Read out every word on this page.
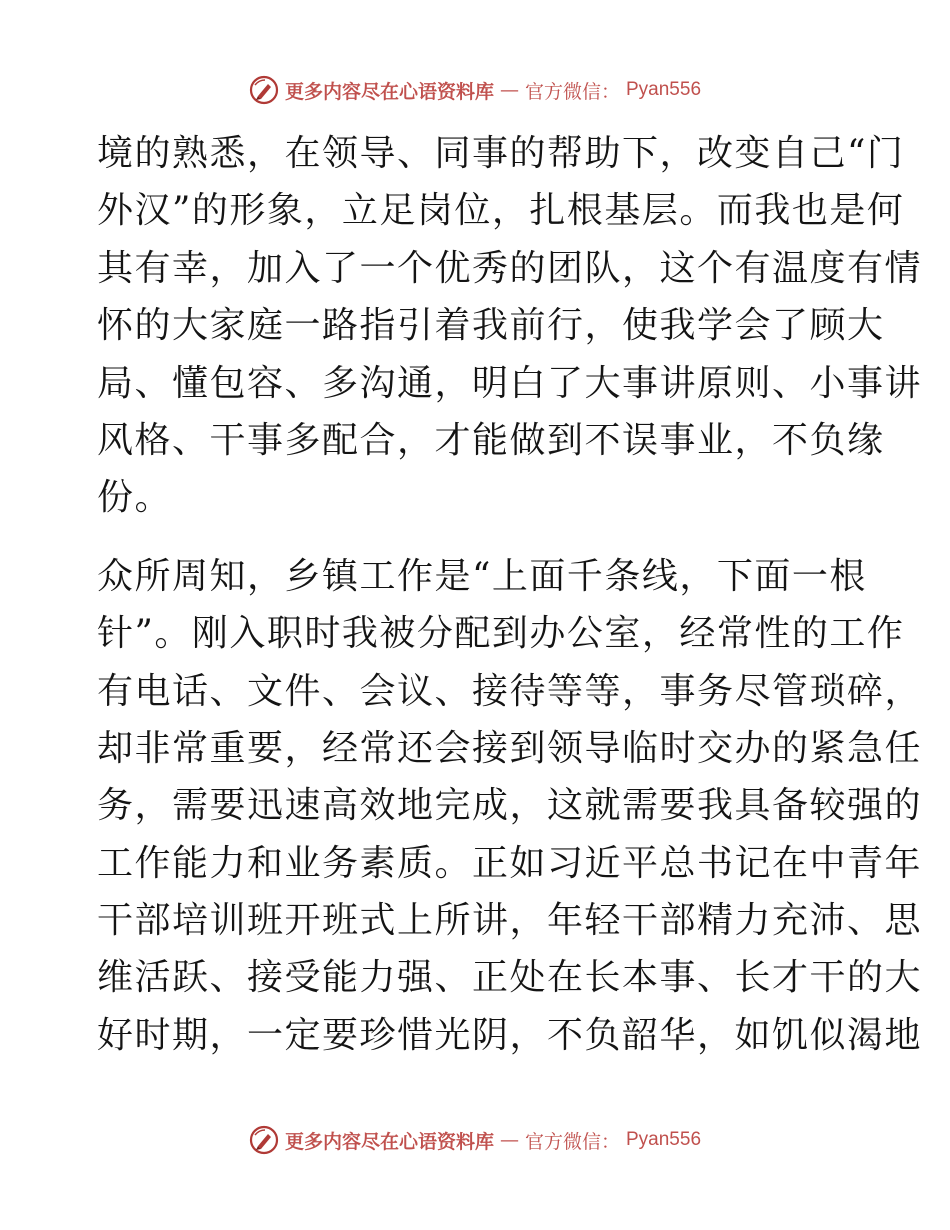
更多内容尽在心语资料库 — 官方微信： Pyan556
境的熟悉，在领导、同事的帮助下，改变自己“门
外汉”的形象，立足岗位，扎根基层。而我也是何
其有幸，加入了一个优秀的团队，这个有温度有情
怀的大家庭一路指引着我前行，使我学会了顾大
局、懂包容、多沟通，明白了大事讲原则、小事讲
风格、干事多配合，才能做到不误事业，不负缘
份。
众所周知，乡镇工作是“上面千条线，下面一根
针”。刚入职时我被分配到办公室，经常性的工作
有电话、文件、会议、接待等等，事务尽管琐碎，
却非常重要，经常还会接到领导临时交办的紧急任
务，需要迅速高效地完成，这就需要我具备较强的
工作能力和业务素质。正如习近平总书记在中青年
干部培训班开班式上所讲，年轻干部精力充沛、思
维活跃、接受能力强、正处在长本事、长才干的大
好时期，一定要珍惜光阴，不负韶华，如饥似渴地
更多内容尽在心语资料库 — 官方微信： Pyan556
